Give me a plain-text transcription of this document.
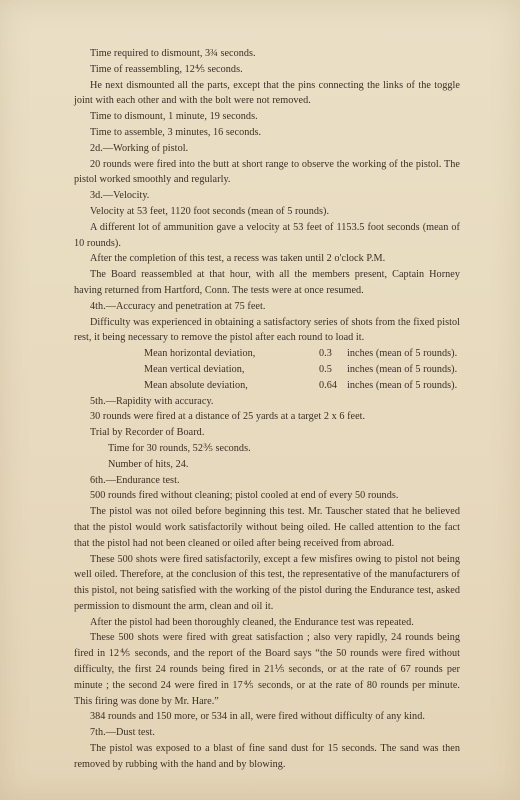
Time required to dismount, 3¾ seconds.

Time of reassembling, 12⅘ seconds.

He next dismounted all the parts, except that the pins connecting the links of the toggle joint with each other and with the bolt were not removed.

Time to dismount, 1 minute, 19 seconds.

Time to assemble, 3 minutes, 16 seconds.

2d.—Working of pistol.

20 rounds were fired into the butt at short range to observe the working of the pistol. The pistol worked smoothly and regularly.

3d.—Velocity.

Velocity at 53 feet, 1120 foot seconds (mean of 5 rounds).

A different lot of ammunition gave a velocity at 53 feet of 1153.5 foot seconds (mean of 10 rounds).

After the completion of this test, a recess was taken until 2 o'clock P.M.

The Board reassembled at that hour, with all the members present, Captain Horney having returned from Hartford, Conn. The tests were at once resumed.

4th.—Accuracy and penetration at 75 feet.

Difficulty was experienced in obtaining a satisfactory series of shots from the fixed pistol rest, it being necessary to remove the pistol after each round to load it.

Mean horizontal deviation,	0.3	inches (mean of 5 rounds).
Mean vertical deviation,	0.5	inches (mean of 5 rounds).
Mean absolute deviation,	0.64 inches (mean of 5 rounds).

5th.—Rapidity with accuracy.

30 rounds were fired at a distance of 25 yards at a target 2 x 6 feet.

Trial by Recorder of Board.

Time for 30 rounds, 52⅗ seconds.

Number of hits, 24.

6th.—Endurance test.

500 rounds fired without cleaning; pistol cooled at end of every 50 rounds.

The pistol was not oiled before beginning this test. Mr. Tauscher stated that he believed that the pistol would work satisfactorily without being oiled. He called attention to the fact that the pistol had not been cleaned or oiled after being received from abroad.

These 500 shots were fired satisfactorily, except a few misfires owing to pistol not being well oiled. Therefore, at the conclusion of this test, the representative of the manufacturers of this pistol, not being satisfied with the working of the pistol during the Endurance test, asked permission to dismount the arm, clean and oil it.

After the pistol had been thoroughly cleaned, the Endurance test was repeated.

These 500 shots were fired with great satisfaction ; also very rapidly, 24 rounds being fired in 12⅘ seconds, and the report of the Board says “the 50 rounds were fired without difficulty, the first 24 rounds being fired in 21⅕ seconds, or at the rate of 67 rounds per minute ; the second 24 were fired in 17⅘ seconds, or at the rate of 80 rounds per minute. This firing was done by Mr. Hare.”

384 rounds and 150 more, or 534 in all, were fired without difficulty of any kind.

7th.—Dust test.

The pistol was exposed to a blast of fine sand dust for 15 seconds. The sand was then removed by rubbing with the hand and by blowing.
